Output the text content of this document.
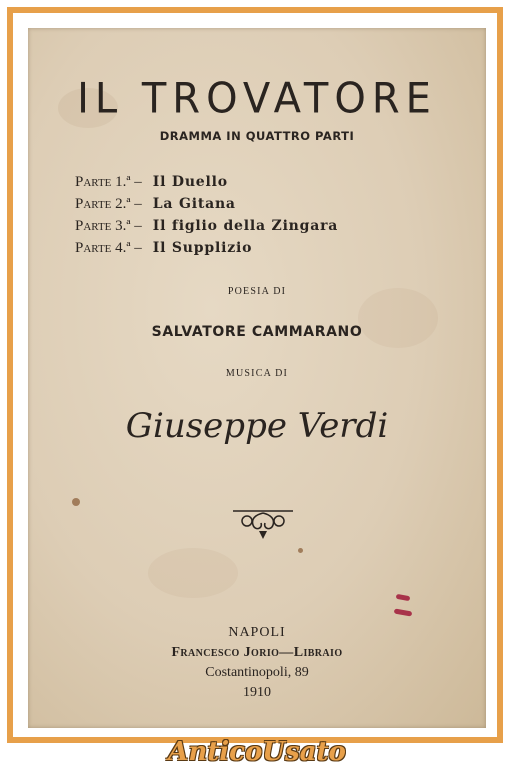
IL TROVATORE
DRAMMA IN QUATTRO PARTI
Parte 1.ª – Il Duello
Parte 2.ª – La Gitana
Parte 3.ª – Il figlio della Zingara
Parte 4.ª – Il Supplizio
POESIA DI
SALVATORE CAMMARANO
MUSICA DI
Giuseppe Verdi
NAPOLI
Francesco Jorio—Libraio
Costantinopoli, 89
1910
AnticoUsato
